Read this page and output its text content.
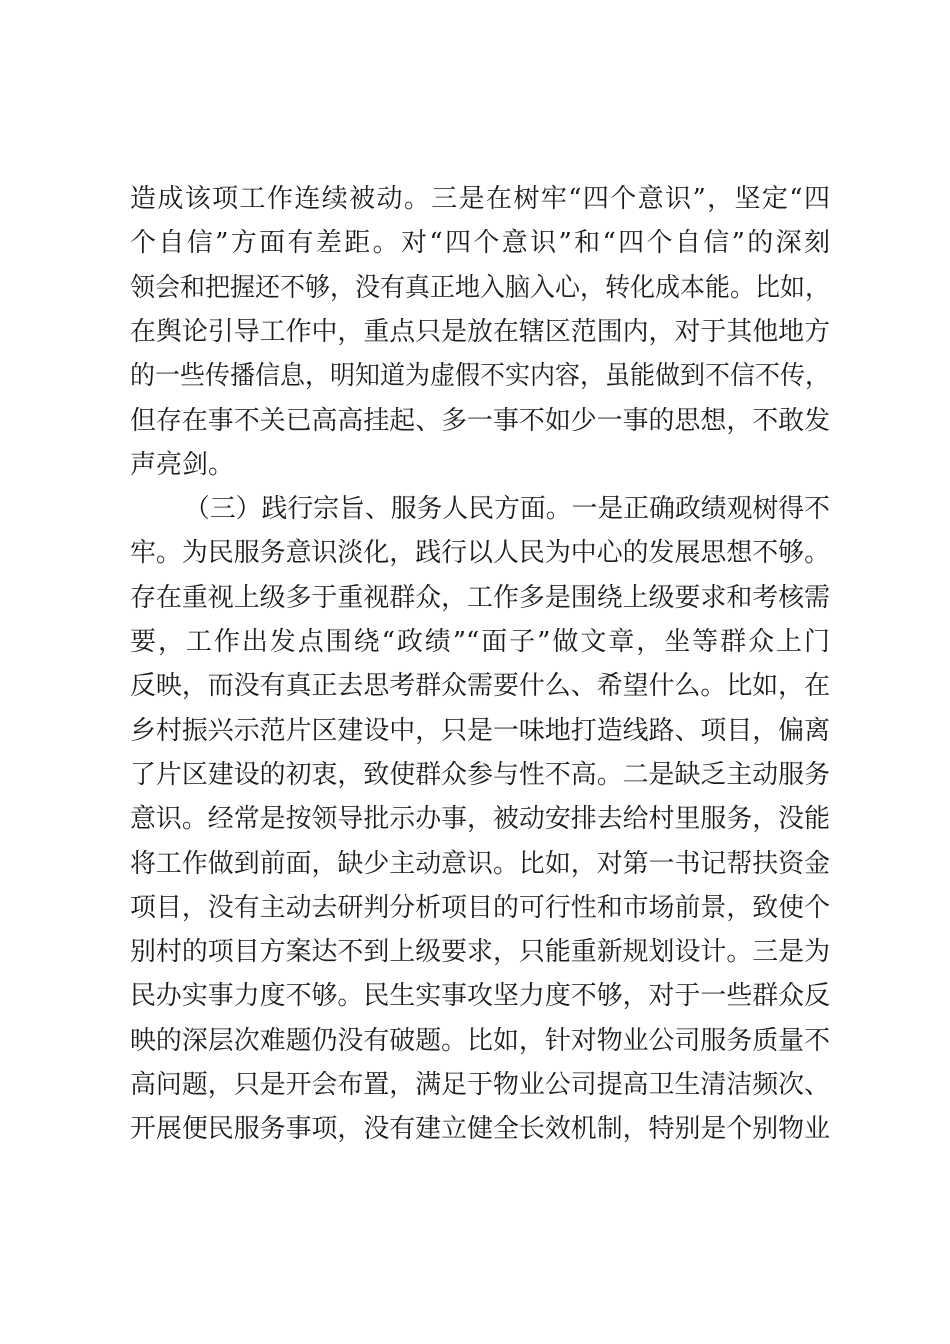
造成该项工作连续被动。三是在树牢“四个意识”，坚定“四
个自信”方面有差距。对“四个意识”和“四个自信”的深刻
领会和把握还不够，没有真正地入脑入心，转化成本能。比如，
在舆论引导工作中，重点只是放在辖区范围内，对于其他地方
的一些传播信息，明知道为虚假不实内容，虽能做到不信不传，
但存在事不关已高高挂起、多一事不如少一事的思想，不敢发
声亮剑。
（三）践行宗旨、服务人民方面。一是正确政绩观树得不
牢。为民服务意识淡化，践行以人民为中心的发展思想不够。
存在重视上级多于重视群众，工作多是围绕上级要求和考核需
要，工作出发点围绕“政绩”“面子”做文章，坐等群众上门
反映，而没有真正去思考群众需要什么、希望什么。比如，在
乡村振兴示范片区建设中，只是一味地打造线路、项目，偏离
了片区建设的初衷，致使群众参与性不高。二是缺乏主动服务
意识。经常是按领导批示办事，被动安排去给村里服务，没能
将工作做到前面，缺少主动意识。比如，对第一书记帮扶资金
项目，没有主动去研判分析项目的可行性和市场前景，致使个
别村的项目方案达不到上级要求，只能重新规划设计。三是为
民办实事力度不够。民生实事攻坚力度不够，对于一些群众反
映的深层次难题仍没有破题。比如，针对物业公司服务质量不
高问题，只是开会布置，满足于物业公司提高卫生清洁频次、
开展便民服务事项，没有建立健全长效机制，特别是个别物业
